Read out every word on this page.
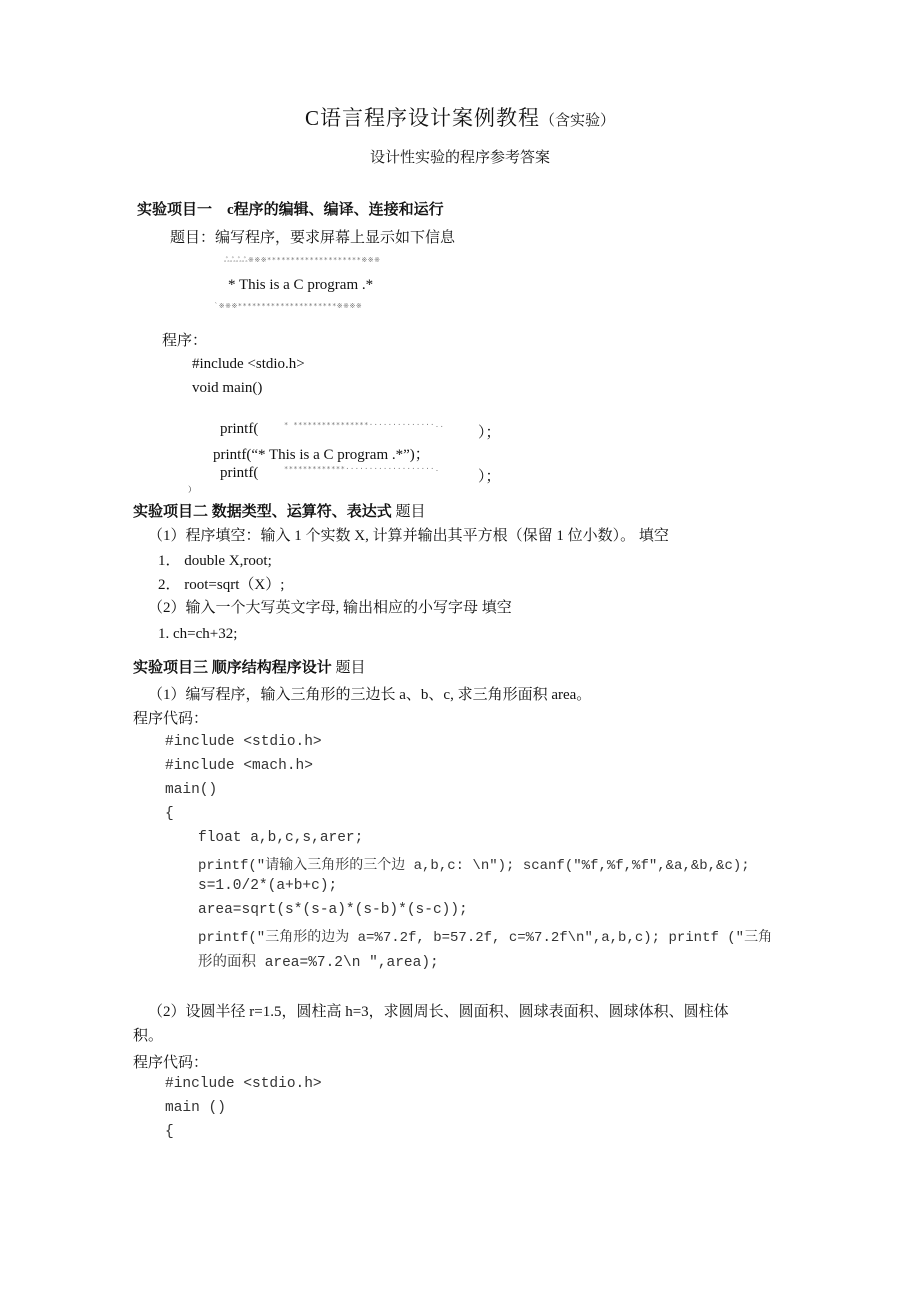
C语言程序设计案例教程（含实验）
设计性实验的程序参考答案
实验项目一　c程序的编辑、编译、连接和运行
题目：编写程序，要求屏幕上显示如下信息
ஃஃஃஃ※※※********************※※※
* This is a C program .*
`※※※*********************※※※※
程序：
#include <stdio.h>
void main()
printf(	* ****************··············.. ）；
printf(“* This is a C program .*”)；
printf(	*************···················.	）；
）
实验项目二 数据类型、运算符、表达式 题目
（1）程序填空：输入 1 个实数 X, 计算并输出其平方根（保留 1 位小数）。 填空
1． double X,root;
2． root=sqrt（X）;
（2）输入一个大写英文字母, 输出相应的小写字母 填空
1. ch=ch+32;
实验项目三 顺序结构程序设计 题目
（1）编写程序，输入三角形的三边长 a、b、c, 求三角形面积 area。
程序代码：
#include <stdio.h>
#include <mach.h>
main()
{
float a,b,c,s,arer;
printf("请输入三角形的三个边 a,b,c: \n"); scanf("%f,%f,%f",&a,&b,&c);
s=1.0/2*(a+b+c);
area=sqrt(s*(s-a)*(s-b)*(s-c));
printf("三角形的边为 a=%7.2f, b=57.2f, c=%7.2f\n",a,b,c); printf ("三角
形的面积 area=%7.2\n ",area);
（2）设圆半径 r=1.5，圆柱高 h=3，求圆周长、圆面积、圆球表面积、圆球体积、圆柱体
积。
程序代码：
#include <stdio.h>
main ()
{
